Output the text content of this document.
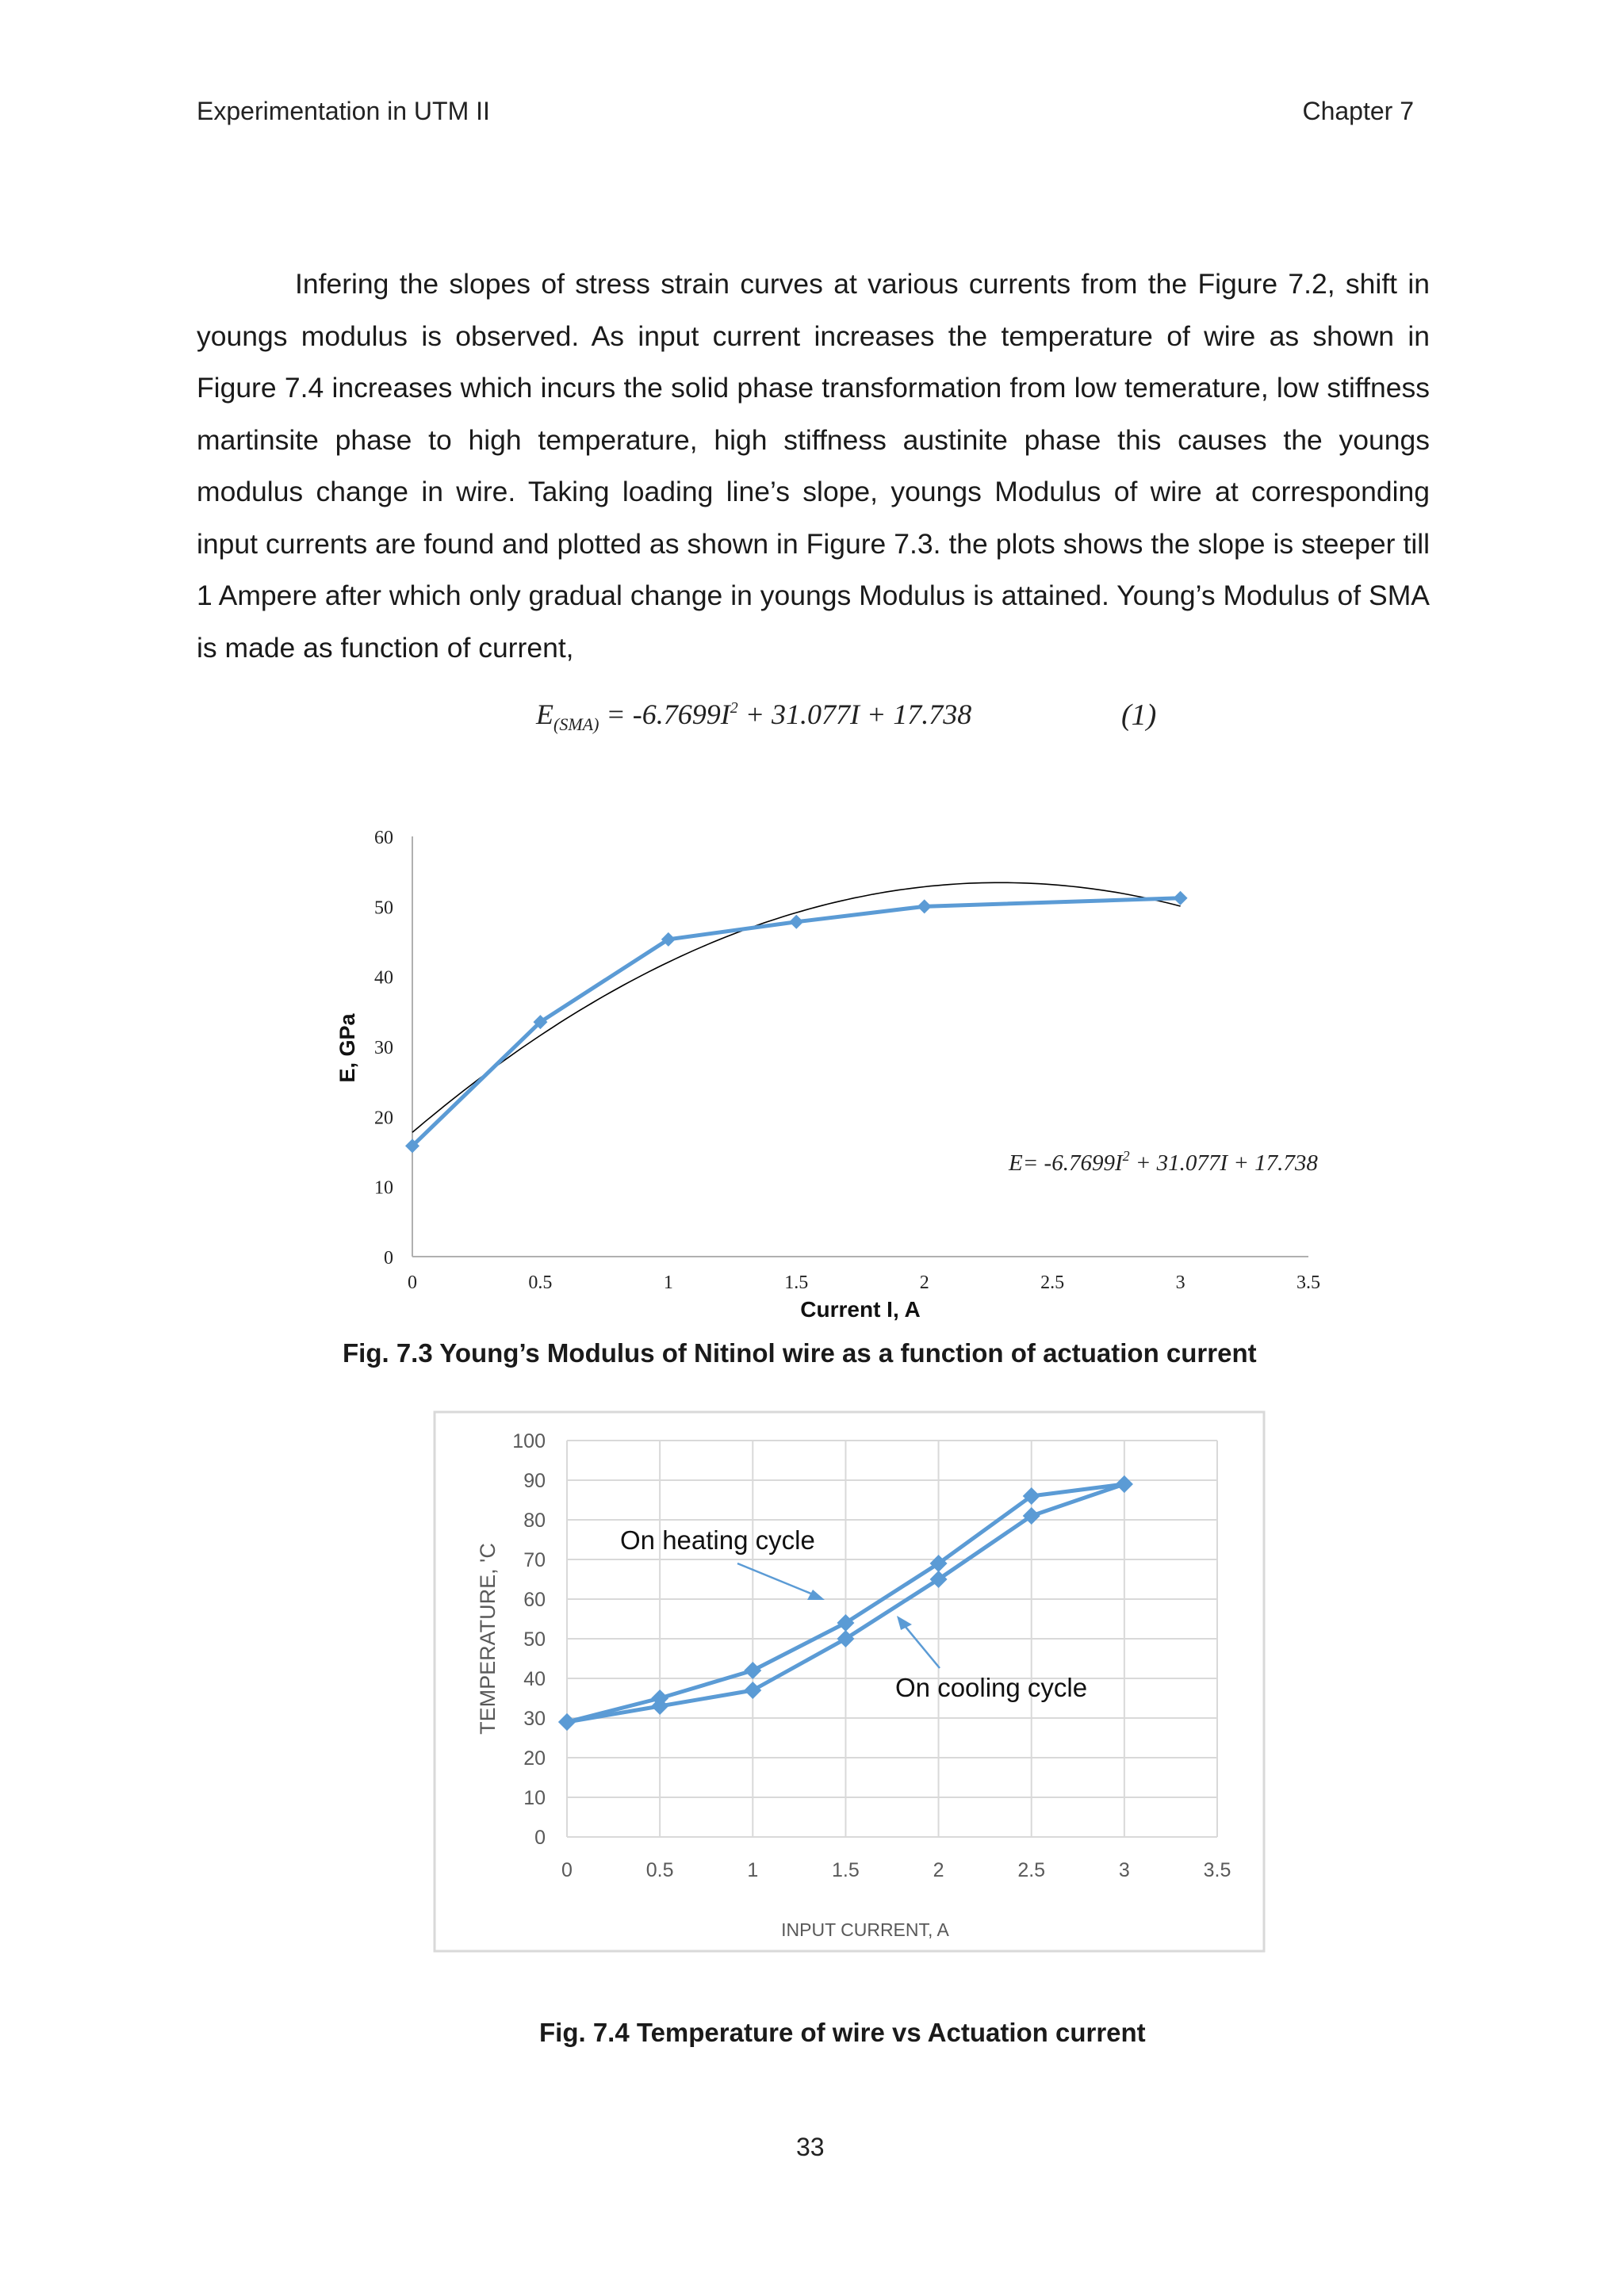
Experimentation in UTM II	Chapter 7

Infering the slopes of stress strain curves at various currents from the Figure 7.2, shift in youngs modulus is observed. As input current increases the temperature of wire as shown in Figure 7.4 increases which incurs the solid phase transformation from low temerature, low stiffness martinsite phase to high temperature, high stiffness austinite phase this causes the youngs modulus change in wire. Taking loading line’s slope, youngs Modulus of wire at corresponding input currents are found and plotted as shown in Figure 7.3. the plots shows the slope is steeper till 1 Ampere after which only gradual change in youngs Modulus is attained. Young’s Modulus of SMA is made as function of current,

$E_{(SMA)} = -6.7699I^2 + 31.077I + 17.738$	(1)
0
10
20
30
40
50
60
0	0.5	1	1.5	2	2.5	3	3.5
E, GPa
Current I, A
$E= -6.7699I^2 + 31.077I + 17.738$
Fig. 7.3 Young’s Modulus of Nitinol wire as a function of actuation current
0
10
20
30
40
50
60
70
80
90
100
0	0.5	1	1.5	2	2.5	3	3.5
TEMPERATURE, 'C
INPUT CURRENT, A
On heating cycle
On cooling cycle
Fig. 7.4 Temperature of wire vs Actuation current
33
